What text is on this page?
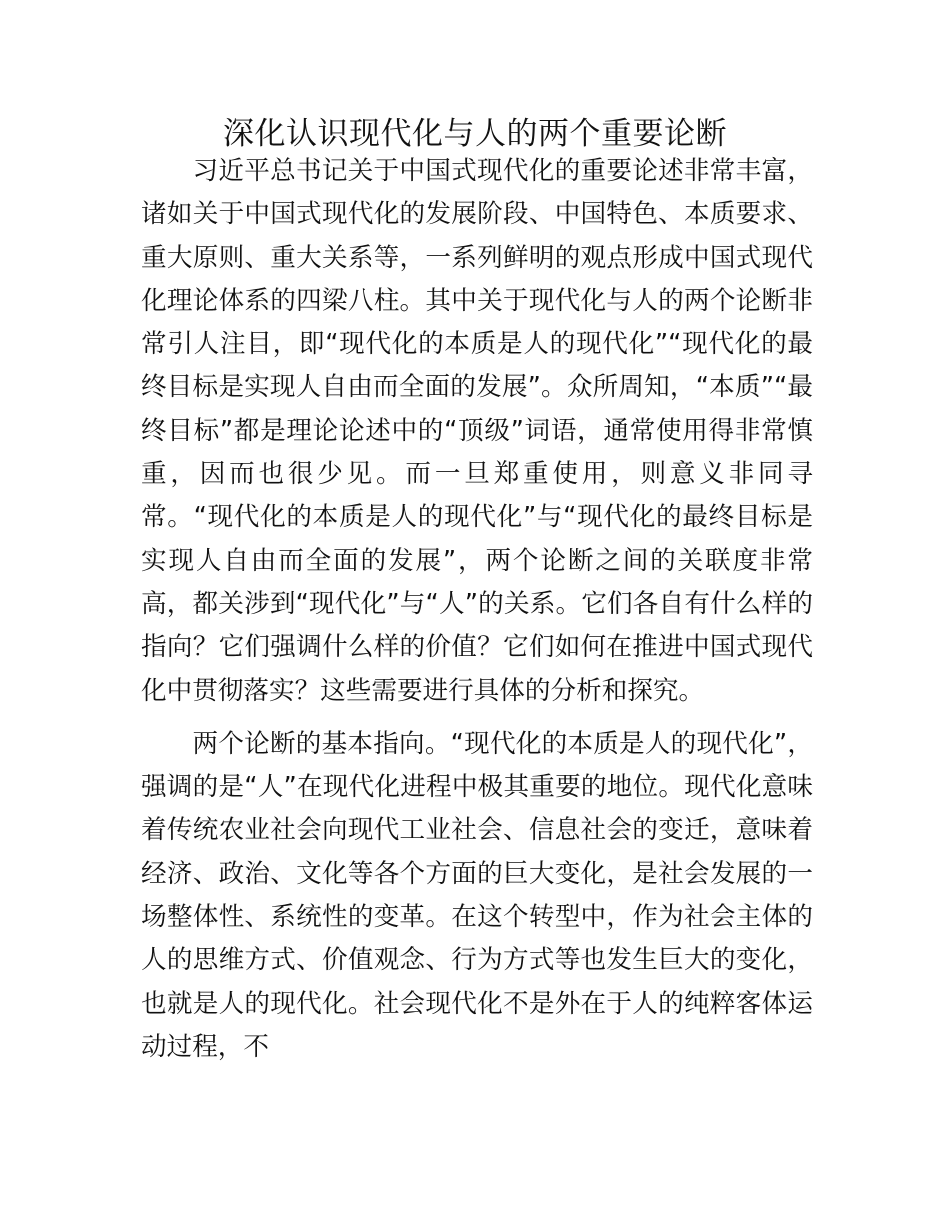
深化认识现代化与人的两个重要论断

习近平总书记关于中国式现代化的重要论述非常丰富，诸如关于中国式现代化的发展阶段、中国特色、本质要求、重大原则、重大关系等，一系列鲜明的观点形成中国式现代化理论体系的四梁八柱。其中关于现代化与人的两个论断非常引人注目，即“现代化的本质是人的现代化”“现代化的最终目标是实现人自由而全面的发展”。众所周知，“本质”“最终目标”都是理论论述中的“顶级”词语，通常使用得非常慎重，因而也很少见。而一旦郑重使用，则意义非同寻常。“现代化的本质是人的现代化”与“现代化的最终目标是实现人自由而全面的发展”，两个论断之间的关联度非常高，都关涉到“现代化”与“人”的关系。它们各自有什么样的指向？它们强调什么样的价值？它们如何在推进中国式现代化中贯彻落实？这些需要进行具体的分析和探究。

两个论断的基本指向。“现代化的本质是人的现代化”，强调的是“人”在现代化进程中极其重要的地位。现代化意味着传统农业社会向现代工业社会、信息社会的变迁，意味着经济、政治、文化等各个方面的巨大变化，是社会发展的一场整体性、系统性的变革。在这个转型中，作为社会主体的人的思维方式、价值观念、行为方式等也发生巨大的变化，也就是人的现代化。社会现代化不是外在于人的纯粹客体运动过程，不
